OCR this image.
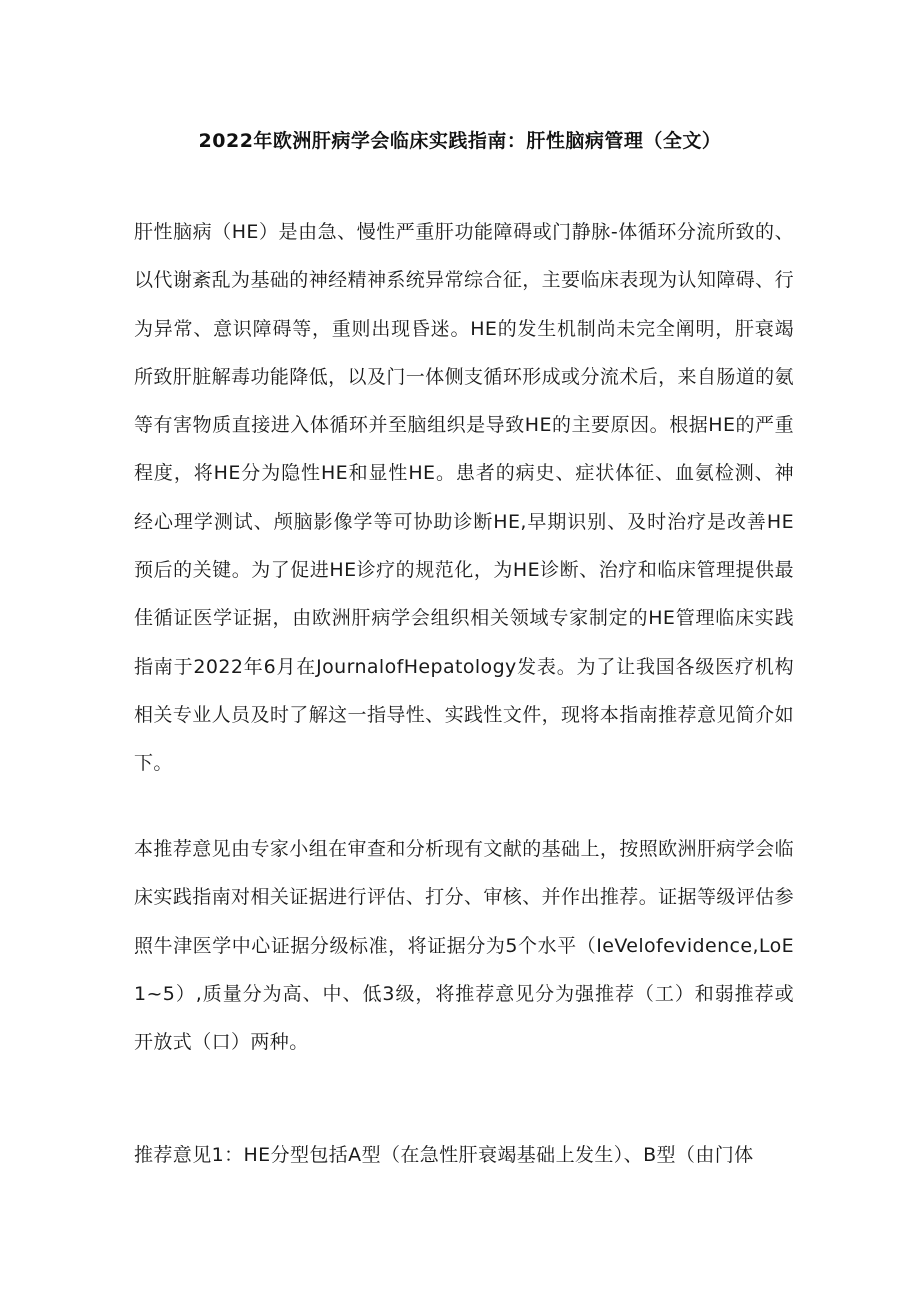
2022年欧洲肝病学会临床实践指南：肝性脑病管理（全文）

肝性脑病（HE）是由急、慢性严重肝功能障碍或门静脉-体循环分流所致的、以代谢紊乱为基础的神经精神系统异常综合征，主要临床表现为认知障碍、行为异常、意识障碍等，重则出现昏迷。HE的发生机制尚未完全阐明，肝衰竭所致肝脏解毒功能降低，以及门一体侧支循环形成或分流术后，来自肠道的氨等有害物质直接进入体循环并至脑组织是导致HE的主要原因。根据HE的严重程度，将HE分为隐性HE和显性HE。患者的病史、症状体征、血氨检测、神经心理学测试、颅脑影像学等可协助诊断HE,早期识别、及时治疗是改善HE预后的关键。为了促进HE诊疗的规范化，为HE诊断、治疗和临床管理提供最佳循证医学证据，由欧洲肝病学会组织相关领域专家制定的HE管理临床实践指南于2022年6月在JournalofHepatology发表。为了让我国各级医疗机构相关专业人员及时了解这一指导性、实践性文件，现将本指南推荐意见简介如下。

本推荐意见由专家小组在审查和分析现有文献的基础上，按照欧洲肝病学会临床实践指南对相关证据进行评估、打分、审核、并作出推荐。证据等级评估参照牛津医学中心证据分级标准，将证据分为5个水平（IeVelofevidence,LoE1~5）,质量分为高、中、低3级，将推荐意见分为强推荐（工）和弱推荐或开放式（口）两种。

推荐意见1：HE分型包括A型（在急性肝衰竭基础上发生）、B型（由门体
